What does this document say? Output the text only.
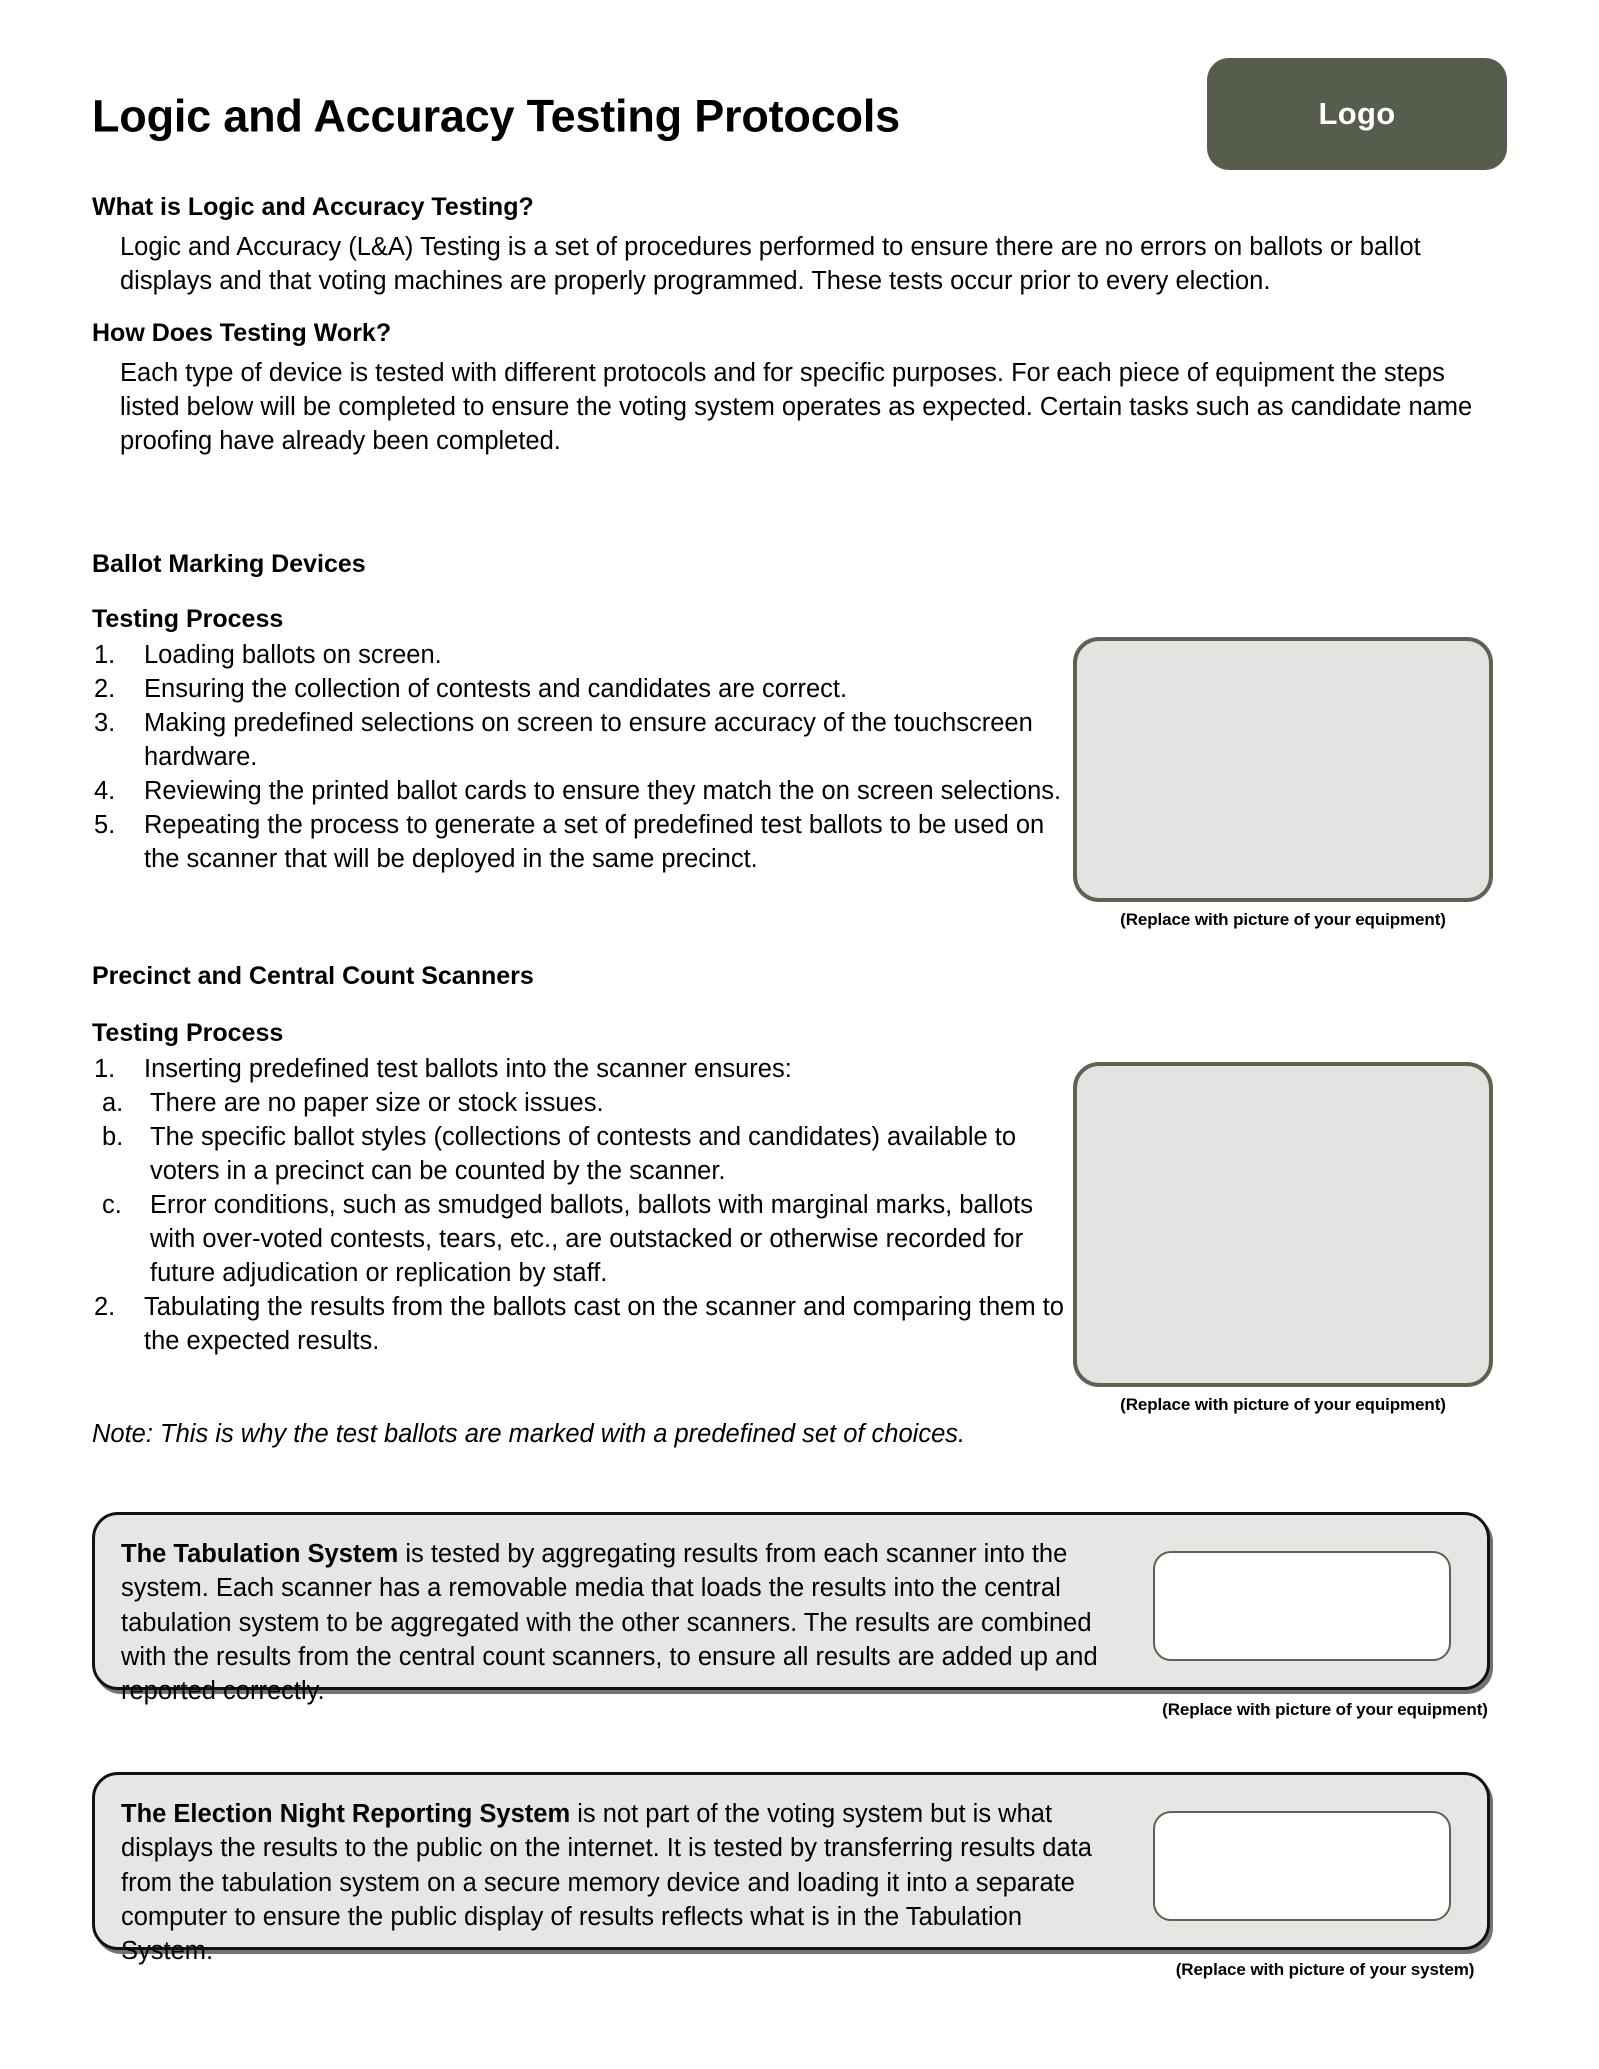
Logic and Accuracy Testing Protocols	Logo
What is Logic and Accuracy Testing?
Logic and Accuracy (L&A) Testing is a set of procedures performed to ensure there are no errors on ballots or ballot displays and that voting machines are properly programmed. These tests occur prior to every election.
How Does Testing Work?
Each type of device is tested with different protocols and for specific purposes. For each piece of equipment the steps listed below will be completed to ensure the voting system operates as expected. Certain tasks such as candidate name proofing have already been completed.
Ballot Marking Devices
Testing Process
1.	Loading ballots on screen.
2.	Ensuring the collection of contests and candidates are correct.
3.	Making predefined selections on screen to ensure accuracy of the touchscreen hardware.
4.	Reviewing the printed ballot cards to ensure they match the on screen selections.
5.	Repeating the process to generate a set of predefined test ballots to be used on the scanner that will be deployed in the same precinct.
(Replace with picture of your equipment)
Precinct and Central Count Scanners
Testing Process
1.	Inserting predefined test ballots into the scanner ensures:
a.	There are no paper size or stock issues.
b.	The specific ballot styles (collections of contests and candidates) available to voters in a precinct can be counted by the scanner.
c.	Error conditions, such as smudged ballots, ballots with marginal marks, ballots with over-voted contests, tears, etc., are outstacked or otherwise recorded for future adjudication or replication by staff.
2.	Tabulating the results from the ballots cast on the scanner and comparing them to the expected results.
Note: This is why the test ballots are marked with a predefined set of choices.
(Replace with picture of your equipment)
The Tabulation System is tested by aggregating results from each scanner into the system. Each scanner has a removable media that loads the results into the central tabulation system to be aggregated with the other scanners. The results are combined with the results from the central count scanners, to ensure all results are added up and reported correctly.
(Replace with picture of your equipment)
The Election Night Reporting System is not part of the voting system but is what displays the results to the public on the internet. It is tested by transferring results data from the tabulation system on a secure memory device and loading it into a separate computer to ensure the public display of results reflects what is in the Tabulation System.
(Replace with picture of your system)
